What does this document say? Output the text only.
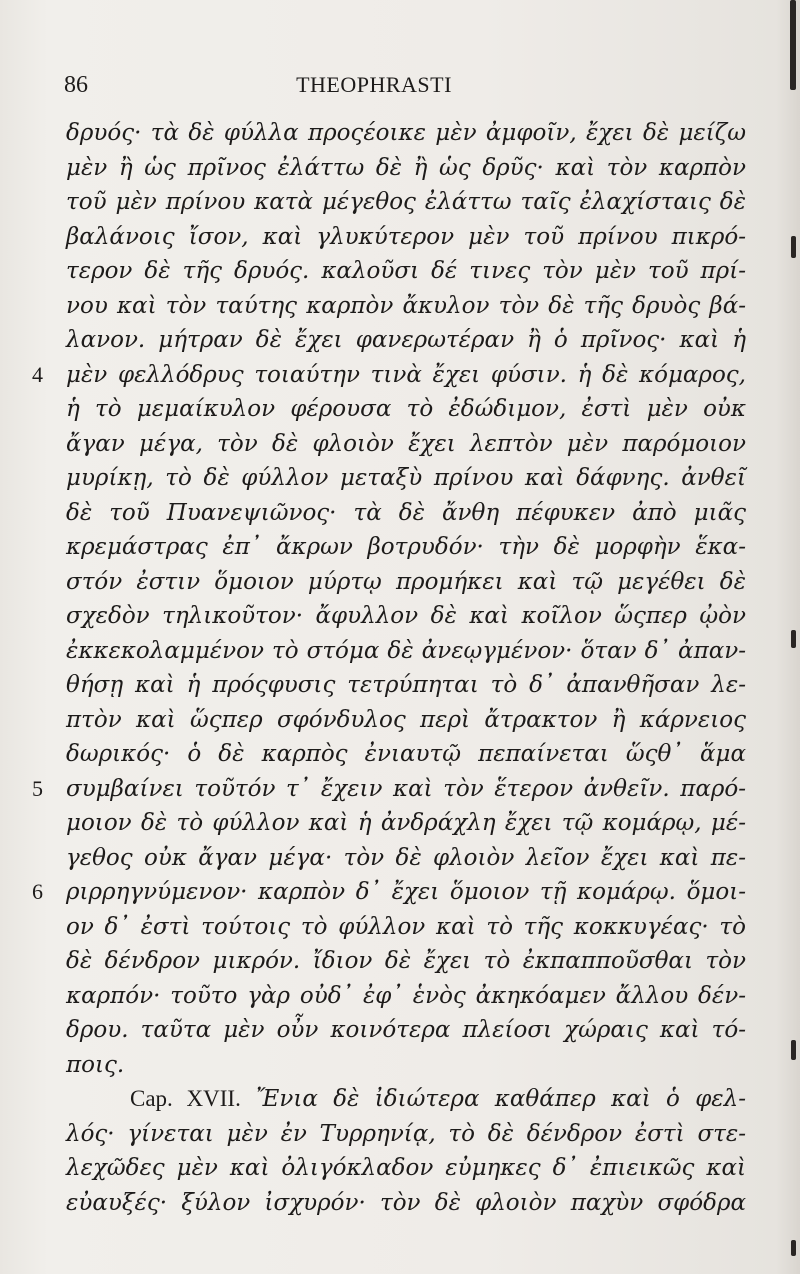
86	THEOPHRASTI
δρυός· τὰ δὲ φύλλα προςέοικε μὲν ἀμφοῖν, ἔχει δὲ μείζω
μὲν ἢ ὡς πρῖνος ἐλάττω δὲ ἢ ὡς δρῦς· καὶ τὸν καρπὸν
τοῦ μὲν πρίνου κατὰ μέγεθος ἐλάττω ταῖς ἐλαχίσταις δὲ
βαλάνοις ἴσον, καὶ γλυκύτερον μὲν τοῦ πρίνου πικρό-
τερον δὲ τῆς δρυός. καλοῦσι δέ τινες τὸν μὲν τοῦ πρί-
νου καὶ τὸν ταύτης καρπὸν ἄκυλον τὸν δὲ τῆς δρυὸς βά-
λανον. μήτραν δὲ ἔχει φανερωτέραν ἢ ὁ πρῖνος· καὶ ἡ
4 μὲν φελλόδρυς τοιαύτην τινὰ ἔχει φύσιν. ἡ δὲ κόμαρος,
ἡ τὸ μεμαίκυλον φέρουσα τὸ ἐδώδιμον, ἐστὶ μὲν οὐκ
ἄγαν μέγα, τὸν δὲ φλοιὸν ἔχει λεπτὸν μὲν παρόμοιον
μυρίκῃ, τὸ δὲ φύλλον μεταξὺ πρίνου καὶ δάφνης. ἀνθεῖ
δὲ τοῦ Πυανεψιῶνος· τὰ δὲ ἄνθη πέφυκεν ἀπὸ μιᾶς
κρεμάστρας ἐπ᾽ ἄκρων βοτρυδόν· τὴν δὲ μορφὴν ἕκα-
στόν ἐστιν ὅμοιον μύρτῳ προμήκει καὶ τῷ μεγέθει δὲ
σχεδὸν τηλικοῦτον· ἄφυλλον δὲ καὶ κοῖλον ὥςπερ ᾠὸν
ἐκκεκολαμμένον τὸ στόμα δὲ ἀνεῳγμένον· ὅταν δ᾽ ἀπαν-
θήσῃ καὶ ἡ πρόςφυσις τετρύπηται τὸ δ᾽ ἀπανθῆσαν λε-
πτὸν καὶ ὥςπερ σφόνδυλος περὶ ἄτρακτον ἢ κάρνειος
δωρικός· ὁ δὲ καρπὸς ἐνιαυτῷ πεπαίνεται ὥςθ᾽ ἅμα
5 συμβαίνει τοῦτόν τ᾽ ἔχειν καὶ τὸν ἕτερον ἀνθεῖν. παρό-
μοιον δὲ τὸ φύλλον καὶ ἡ ἀνδράχλη ἔχει τῷ κομάρῳ, μέ-
γεθος οὐκ ἄγαν μέγα· τὸν δὲ φλοιὸν λεῖον ἔχει καὶ πε-
6 ριρρηγνύμενον· καρπὸν δ᾽ ἔχει ὅμοιον τῇ κομάρῳ. ὅμοι-
ον δ᾽ ἐστὶ τούτοις τὸ φύλλον καὶ τὸ τῆς κοκκυγέας· τὸ
δὲ δένδρον μικρόν. ἴδιον δὲ ἔχει τὸ ἐκπαπποῦσθαι τὸν
καρπόν· τοῦτο γὰρ οὐδ᾽ ἐφ᾽ ἑνὸς ἀκηκόαμεν ἄλλου δέν-
δρου. ταῦτα μὲν οὖν κοινότερα πλείοσι χώραις καὶ τό-
ποις.
Cap. XVII. Ἔνια δὲ ἰδιώτερα καθάπερ καὶ ὁ φελ-
λός· γίνεται μὲν ἐν Τυρρηνίᾳ, τὸ δὲ δένδρον ἐστὶ στε-
λεχῶδες μὲν καὶ ὀλιγόκλαδον εὐμηκες δ᾽ ἐπιεικῶς καὶ
εὐαυξές· ξύλον ἰσχυρόν· τὸν δὲ φλοιὸν παχὺν σφόδρα
